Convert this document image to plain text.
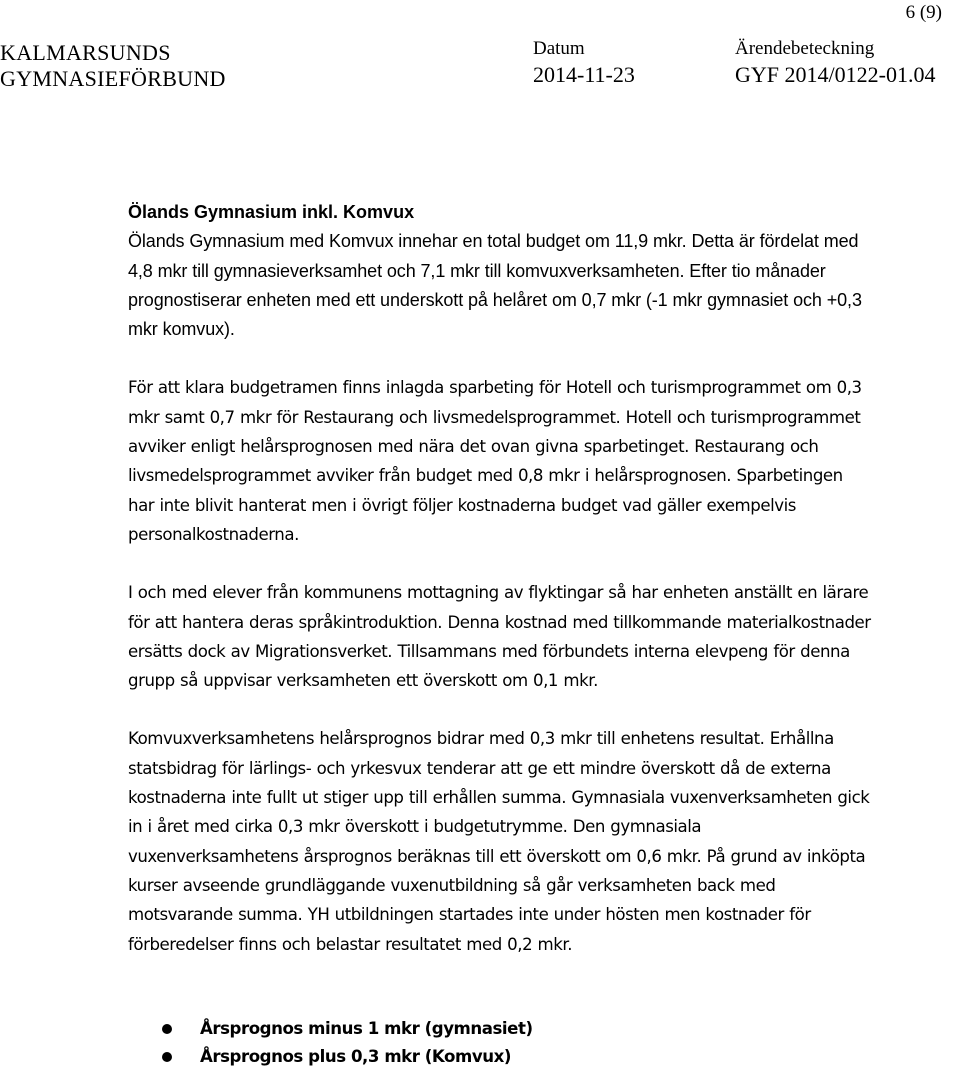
6 (9)
KALMARSUNDS
GYMNASIEFÖRBUND
Datum
2014-11-23
Ärendebeteckning
GYF 2014/0122-01.04
Ölands Gymnasium inkl. Komvux

Ölands Gymnasium med Komvux innehar en total budget om 11,9 mkr. Detta är fördelat med 4,8 mkr till gymnasieverksamhet och 7,1 mkr till komvuxverksamheten. Efter tio månader prognostiserar enheten med ett underskott på helåret om 0,7 mkr (-1 mkr gymnasiet och +0,3 mkr komvux).

För att klara budgetramen finns inlagda sparbeting för Hotell och turismprogrammet om 0,3 mkr samt 0,7 mkr för Restaurang och livsmedelsprogrammet. Hotell och turismprogrammet avviker enligt helårsprognosen med nära det ovan givna sparbetinget. Restaurang och livsmedelsprogrammet avviker från budget med 0,8 mkr i helårsprognosen. Sparbetingen har inte blivit hanterat men i övrigt följer kostnaderna budget vad gäller exempelvis personalkostnaderna.

I och med elever från kommunens mottagning av flyktingar så har enheten anställt en lärare för att hantera deras språkintroduktion. Denna kostnad med tillkommande materialkostnader ersätts dock av Migrationsverket. Tillsammans med förbundets interna elevpeng för denna grupp så uppvisar verksamheten ett överskott om 0,1 mkr.

Komvuxverksamhetens helårsprognos bidrar med 0,3 mkr till enhetens resultat. Erhållna statsbidrag för lärlings- och yrkesvux tenderar att ge ett mindre överskott då de externa kostnaderna inte fullt ut stiger upp till erhållen summa. Gymnasiala vuxenverksamheten gick in i året med cirka 0,3 mkr överskott i budgetutrymme. Den gymnasiala vuxenverksamhetens årsprognos beräknas till ett överskott om 0,6 mkr. På grund av inköpta kurser avseende grundläggande vuxenutbildning så går verksamheten back med motsvarande summa. YH utbildningen startades inte under hösten men kostnader för förberedelser finns och belastar resultatet med 0,2 mkr.

Årsprognos minus 1 mkr (gymnasiet)
Årsprognos plus 0,3 mkr (Komvux)
